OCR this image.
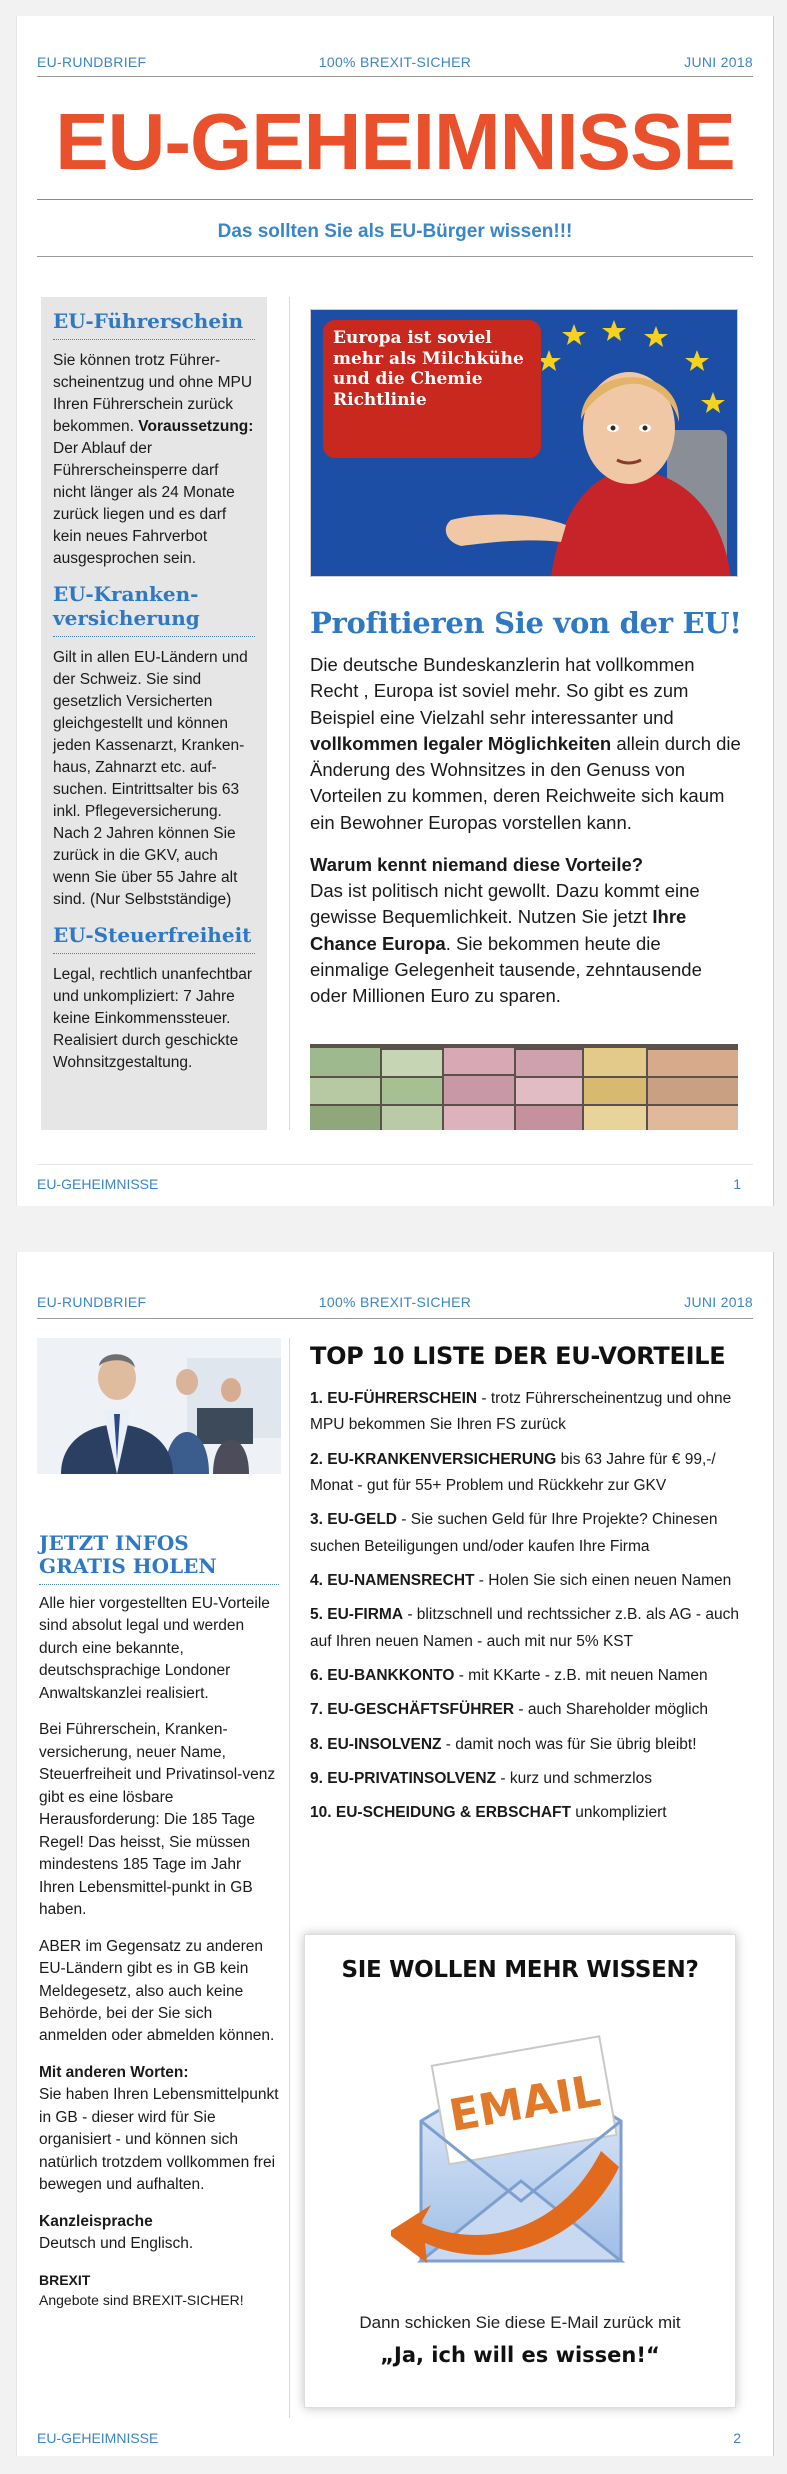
EU-RUNDBRIEF	100% BREXIT-SICHER	JUNI 2018
EU-GEHEIMNISSE
Das sollten Sie als EU-Bürger wissen!!!
EU-Führerschein
Sie können trotz Führer-scheinentzug und ohne MPU Ihren Führerschein zurück bekommen. Voraussetzung: Der Ablauf der Führerscheinsperre darf nicht länger als 24 Monate zurück liegen und es darf kein neues Fahrverbot ausgesprochen sein.
EU-Kranken-
versicherung
Gilt in allen EU-Ländern und der Schweiz. Sie sind gesetzlich Versicherten gleichgestellt und können jeden Kassenarzt, Kranken-haus, Zahnarzt etc. auf-suchen. Eintrittsalter bis 63 inkl. Pflegeversicherung. Nach 2 Jahren können Sie zurück in die GKV, auch wenn Sie über 55 Jahre alt sind. (Nur Selbstständige)
EU-Steuerfreiheit
Legal, rechtlich unanfechtbar und unkompliziert: 7 Jahre keine Einkommenssteuer. Realisiert durch geschickte Wohnsitzgestaltung.
Europa ist soviel mehr als Milchkühe und die Chemie Richtlinie
Profitieren Sie von der EU!

Die deutsche Bundeskanzlerin hat vollkommen Recht , Europa ist soviel mehr. So gibt es zum Beispiel eine Vielzahl sehr interessanter und vollkommen legaler Möglichkeiten allein durch die Änderung des Wohnsitzes in den Genuss von Vorteilen zu kommen, deren Reichweite sich kaum ein Bewohner Europas vorstellen kann.

Warum kennt niemand diese Vorteile?
Das ist politisch nicht gewollt. Dazu kommt eine gewisse Bequemlichkeit. Nutzen Sie jetzt Ihre Chance Europa. Sie bekommen heute die einmalige Gelegenheit tausende, zehntausende oder Millionen Euro zu sparen.

EU-GEHEIMNISSE	1
EU-RUNDBRIEF	100% BREXIT-SICHER	JUNI 2018
JETZT INFOS
GRATIS HOLEN

Alle hier vorgestellten EU-Vorteile sind absolut legal und werden durch eine bekannte, deutschsprachige Londoner Anwaltskanzlei realisiert.

Bei Führerschein, Kranken-versicherung, neuer Name, Steuerfreiheit und Privatinsol-venz gibt es eine lösbare Herausforderung: Die 185 Tage Regel! Das heisst, Sie müssen mindestens 185 Tage im Jahr Ihren Lebensmittel-punkt in GB haben.

ABER im Gegensatz zu anderen EU-Ländern gibt es in GB kein Meldegesetz, also auch keine Behörde, bei der Sie sich anmelden oder abmelden können.

Mit anderen Worten:
Sie haben Ihren Lebensmittelpunkt in GB - dieser wird für Sie organisiert - und können sich natürlich trotzdem vollkommen frei bewegen und aufhalten.

Kanzleisprache
Deutsch und Englisch.

BREXIT
Angebote sind BREXIT-SICHER!

TOP 10 LISTE DER EU-VORTEILE
1. EU-FÜHRERSCHEIN - trotz Führerscheinentzug und ohne MPU bekommen Sie Ihren FS zurück
2. EU-KRANKENVERSICHERUNG bis 63 Jahre für € 99,-/ Monat - gut für 55+ Problem und Rückkehr zur GKV
3. EU-GELD - Sie suchen Geld für Ihre Projekte? Chinesen suchen Beteiligungen und/oder kaufen Ihre Firma
4. EU-NAMENSRECHT - Holen Sie sich einen neuen Namen
5. EU-FIRMA - blitzschnell und rechtssicher z.B. als AG - auch auf Ihren neuen Namen - auch mit nur 5% KST
6. EU-BANKKONTO - mit KKarte - z.B. mit neuen Namen
7. EU-GESCHÄFTSFÜHRER - auch Shareholder möglich
8. EU-INSOLVENZ - damit noch was für Sie übrig bleibt!
9. EU-PRIVATINSOLVENZ - kurz und schmerzlos
10. EU-SCHEIDUNG & ERBSCHAFT unkompliziert
SIE WOLLEN MEHR WISSEN?
EMAIL
Dann schicken Sie diese E-Mail zurück mit
„Ja, ich will es wissen!“
EU-GEHEIMNISSE	2
